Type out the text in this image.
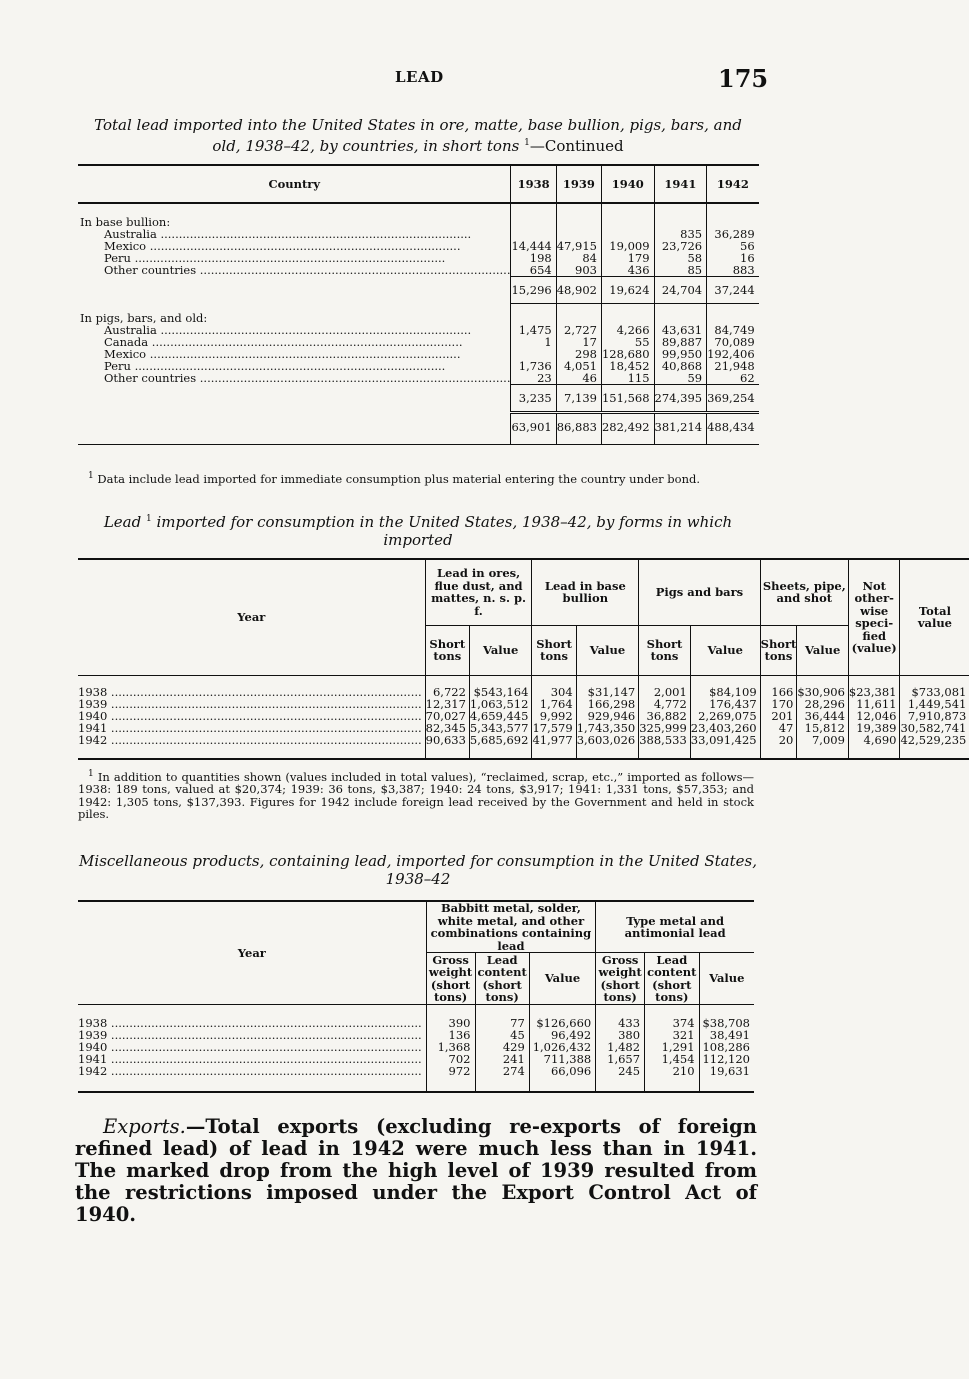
LEAD	175
Total lead imported into the United States in ore, matte, base bullion, pigs, bars, and old, 1938–42, by countries, in short tons $^1$—Continued
Country	1938	1939	1940	1941	1942

In base bullion:					

Australia .....				835	36,289

Mexico .....	14,444	47,915	19,009	23,726	56

Peru .....	198	84	179	58	16

Other countries .....	654	903	436	85	883
	15,296	48,902	19,624	24,704	37,244

In pigs, bars, and old:					

Australia .....	1,475	2,727	4,266	43,631	84,749

Canada .....	1	17	55	89,887	70,089

Mexico .....		298	128,680	99,950	192,406

Peru .....	1,736	4,051	18,452	40,868	21,948

Other countries .....	23	46	115	59	62
	3,235	7,139	151,568	274,395	369,254
	63,901	86,883	282,492	381,214	488,434

$^1$ Data include lead imported for immediate consumption plus material entering the country under bond.
Lead $^1$ imported for consumption in the United States, 1938–42, by forms in which imported
Year	Lead in ores, flue dust, and mattes, n. s. p. f.		Lead in base bullion		Pigs and bars		Sheets, pipe, and shot		Not other-wise speci-fied (value)	Total value
	Short tons	Value	Short tons	Value	Short tons	Value	Short tons	Value		

1938 .....	6,722	$543,164	304	$31,147	2,001	$84,109	166	$30,906	$23,381	$733,081

1939 .....	12,317	1,063,512	1,764	166,298	4,772	176,437	170	28,296	11,611	1,449,541

1940 .....	70,027	4,659,445	9,992	929,946	36,882	2,269,075	201	36,444	12,046	7,910,873

1941 .....	82,345	5,343,577	17,579	1,743,350	325,999	23,403,260	47	15,812	19,389	30,582,741

1942 .....	90,633	5,685,692	41,977	3,603,026	388,533	33,091,425	20	7,009	4,690	42,529,235

$^1$ In addition to quantities shown (values included in total values), “reclaimed, scrap, etc.,” imported as follows—1938: 189 tons, valued at $20,374; 1939: 36 tons, $3,387; 1940: 24 tons, $3,917; 1941: 1,331 tons, $57,353; and 1942: 1,305 tons, $137,393. Figures for 1942 include foreign lead received by the Government and held in stock piles.
Miscellaneous products, containing lead, imported for consumption in the United States, 1938–42
Year	Babbitt metal, solder, white metal, and other combinations containing lead			Type metal and antimonial lead		
	Gross weight (short tons)	Lead content (short tons)	Value	Gross weight (short tons)	Lead content (short tons)	Value

1938 .....	390	77	$126,660	433	374	$38,708

1939 .....	136	45	96,492	380	321	38,491

1940 .....	1,368	429	1,026,432	1,482	1,291	108,286

1941 .....	702	241	711,388	1,657	1,454	112,120

1942 .....	972	274	66,096	245	210	19,631

Exports.—Total exports (excluding re-exports of foreign refined lead) of lead in 1942 were much less than in 1941. The marked drop from the high level of 1939 resulted from the restrictions imposed under the Export Control Act of 1940.
